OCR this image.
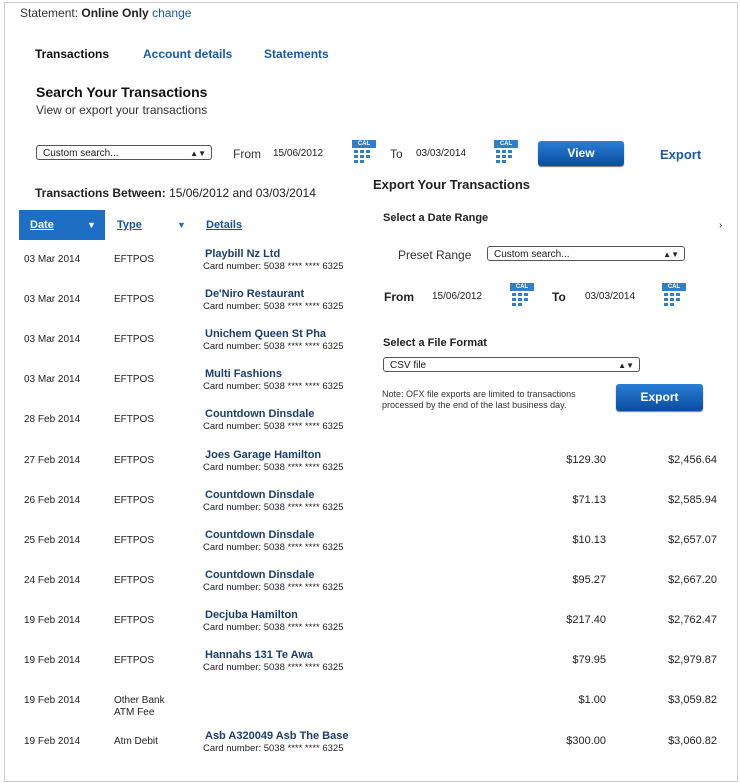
Statement: Online Only change
Transactions	Account details	Statements
Search Your Transactions
View or export your transactions
Custom search...	▲▼ From 15/06/2012
CAL
To 03/03/2014
CAL
View	Export
Transactions Between: 15/06/2012 and 03/03/2014
Date	▼ Type	▼ Details
03 Mar 2014	EFTPOS	Playbill Nz Ltd
Card number: 5038 **** **** 6325
03 Mar 2014	EFTPOS	De'Niro Restaurant
Card number: 5038 **** **** 6325
03 Mar 2014	EFTPOS	Unichem Queen St Pha
Card number: 5038 **** **** 6325
03 Mar 2014	EFTPOS	Multi Fashions
Card number: 5038 **** **** 6325
28 Feb 2014	EFTPOS	Countdown Dinsdale
Card number: 5038 **** **** 6325
27 Feb 2014	EFTPOS	Joes Garage Hamilton
Card number: 5038 **** **** 6325
$129.30	$2,456.64
26 Feb 2014	EFTPOS	Countdown Dinsdale
Card number: 5038 **** **** 6325
$71.13	$2,585.94
25 Feb 2014	EFTPOS	Countdown Dinsdale
Card number: 5038 **** **** 6325
$10.13	$2,657.07
24 Feb 2014	EFTPOS	Countdown Dinsdale
Card number: 5038 **** **** 6325
$95.27	$2,667.20
19 Feb 2014	EFTPOS	Decjuba Hamilton
Card number: 5038 **** **** 6325
$217.40	$2,762.47
19 Feb 2014	EFTPOS	Hannahs 131 Te Awa
Card number: 5038 **** **** 6325
$79.95	$2,979.87
19 Feb 2014	Other Bank ATM Fee
$1.00	$3,059.82
19 Feb 2014	Atm Debit	Asb A320049 Asb The Base
Card number: 5038 **** **** 6325
$300.00	$3,060.82
Export Your Transactions
Select a Date Range
›
Preset Range	Custom search...	▲▼
From 15/06/2012
CAL
To 03/03/2014
CAL
Select a File Format
CSV file	▲▼
Note: OFX file exports are limited to transactions processed by the end of the last business day.
Export
